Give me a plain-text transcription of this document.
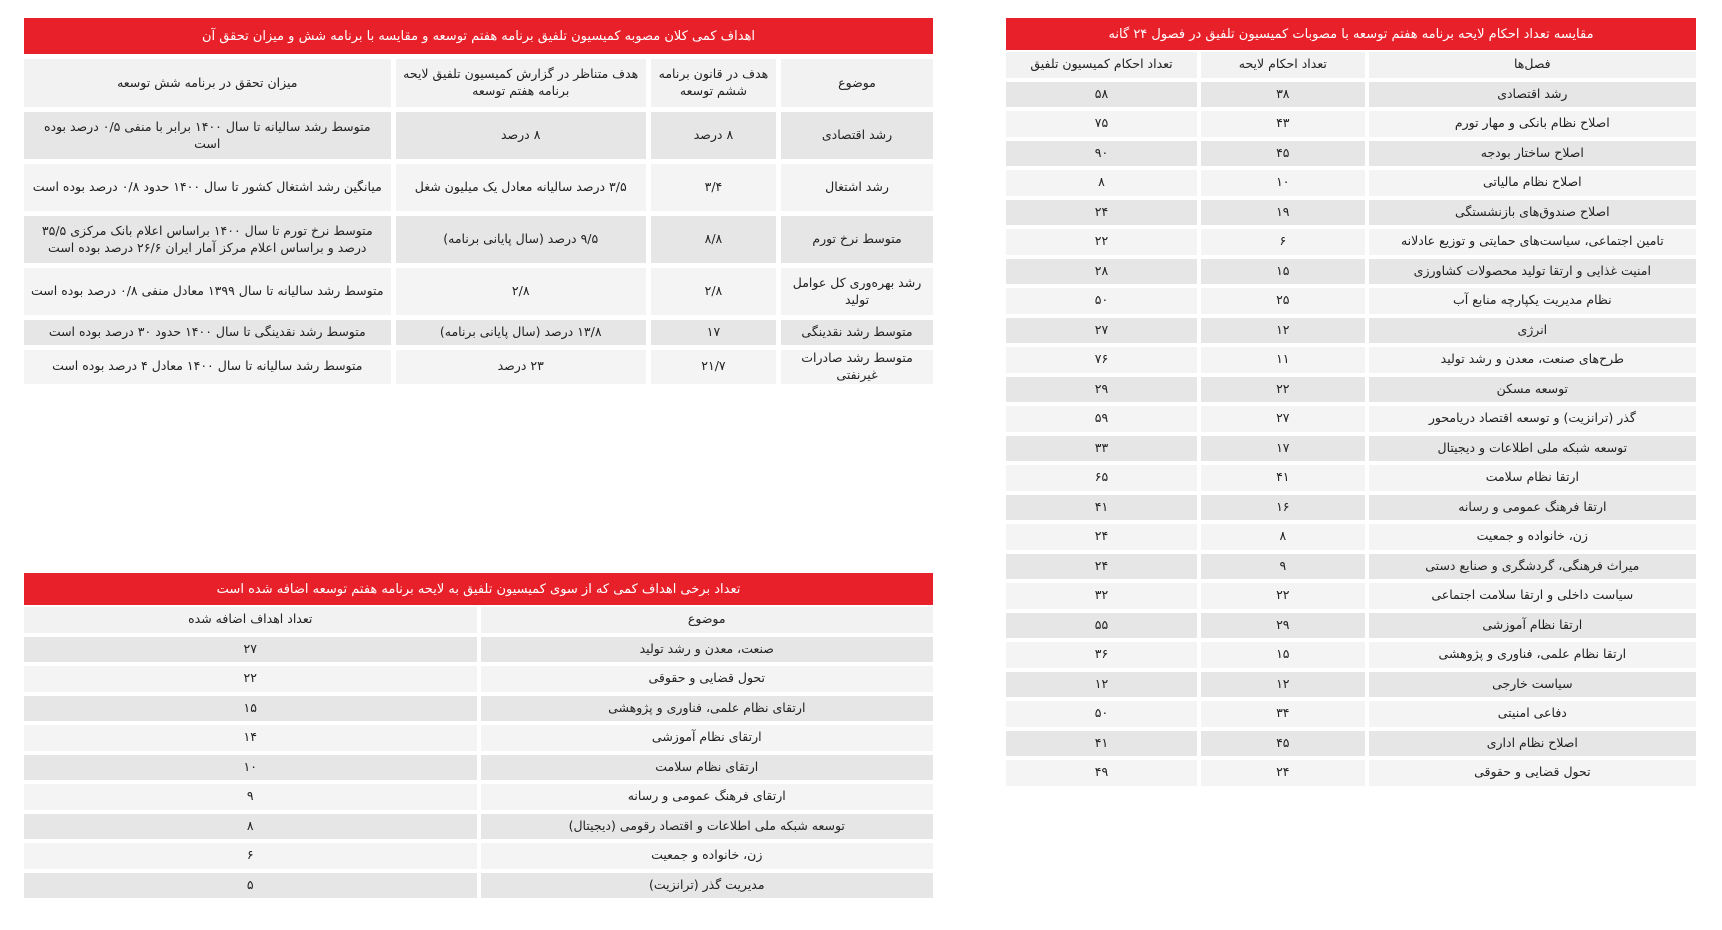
اهداف کمی کلان مصوبه کمیسیون تلفیق برنامه هفتم توسعه و مقایسه با برنامه شش و میزان تحقق آن
موضوع	هدف در قانون برنامه ششم توسعه	هدف متناظر در گزارش کمیسیون تلفیق لایحه برنامه هفتم توسعه	میزان تحقق در برنامه شش توسعه
رشد اقتصادی	۸ درصد	۸ درصد	متوسط رشد سالیانه تا سال ۱۴۰۰ برابر با منفی ۰/۵ درصد بوده است
رشد اشتغال	۳/۴	۳/۵ درصد سالیانه معادل یک میلیون شغل	میانگین رشد اشتغال کشور تا سال ۱۴۰۰ حدود ۰/۸ درصد بوده است
متوسط نرخ تورم	۸/۸	۹/۵ درصد (سال پایانی برنامه)	متوسط نرخ تورم تا سال ۱۴۰۰ براساس اعلام بانک مرکزی ۳۵/۵ درصد و براساس اعلام مرکز آمار ایران ۲۶/۶ درصد بوده است
رشد بهره‌وری کل عوامل تولید	۲/۸	۲/۸	متوسط رشد سالیانه تا سال ۱۳۹۹ معادل منفی ۰/۸ درصد بوده است
متوسط رشد نقدینگی	۱۷	۱۳/۸ درصد (سال پایانی برنامه)	متوسط رشد نقدینگی تا سال ۱۴۰۰ حدود ۳۰ درصد بوده است
متوسط رشد صادرات غیرنفتی	۲۱/۷	۲۳ درصد	متوسط رشد سالیانه تا سال ۱۴۰۰ معادل ۴ درصد بوده است
مقایسه تعداد احکام لایحه برنامه هفتم توسعه با مصوبات کمیسیون تلفیق در فصول ۲۴ گانه
فصل‌ها	تعداد احکام لایحه	تعداد احکام کمیسیون تلفیق
رشد اقتصادی	۳۸	۵۸
اصلاح نظام بانکی و مهار تورم	۴۳	۷۵
اصلاح ساختار بودجه	۴۵	۹۰
اصلاح نظام مالیاتی	۱۰	۸
اصلاح صندوق‌های بازنشستگی	۱۹	۲۴
تامین اجتماعی، سیاست‌های حمایتی و توزیع عادلانه	۶	۲۲
امنیت غذایی و ارتقا تولید محصولات کشاورزی	۱۵	۲۸
نظام مدیریت یکپارچه منابع آب	۲۵	۵۰
انرژی	۱۲	۲۷
طرح‌های صنعت، معدن و رشد تولید	۱۱	۷۶
توسعه مسکن	۲۲	۲۹
گذر (ترانزیت) و توسعه اقتصاد دریامحور	۲۷	۵۹
توسعه شبکه ملی اطلاعات و دیجیتال	۱۷	۳۳
ارتقا نظام سلامت	۴۱	۶۵
ارتقا فرهنگ عمومی و رسانه	۱۶	۴۱
زن، خانواده و جمعیت	۸	۲۴
میراث فرهنگی، گردشگری و صنایع دستی	۹	۲۴
سیاست داخلی و ارتقا سلامت اجتماعی	۲۲	۳۲
ارتقا نظام آموزشی	۲۹	۵۵
ارتقا نظام علمی، فناوری و پژوهشی	۱۵	۳۶
سیاست خارجی	۱۲	۱۲
دفاعی امنیتی	۳۴	۵۰
اصلاح نظام اداری	۴۵	۴۱
تحول قضایی و حقوقی	۲۴	۴۹
تعداد برخی اهداف کمی که از سوی کمیسیون تلفیق به لایحه برنامه هفتم توسعه اضافه شده است
موضوع	تعداد اهداف اضافه شده
صنعت، معدن و رشد تولید	۲۷
تحول قضایی و حقوقی	۲۲
ارتقای نظام علمی، فناوری و پژوهشی	۱۵
ارتقای نظام آموزشی	۱۴
ارتقای نظام سلامت	۱۰
ارتقای فرهنگ عمومی و رسانه	۹
توسعه شبکه ملی اطلاعات و اقتصاد رقومی (دیجیتال)	۸
زن، خانواده و جمعیت	۶
مدیریت گذر (ترانزیت)	۵
